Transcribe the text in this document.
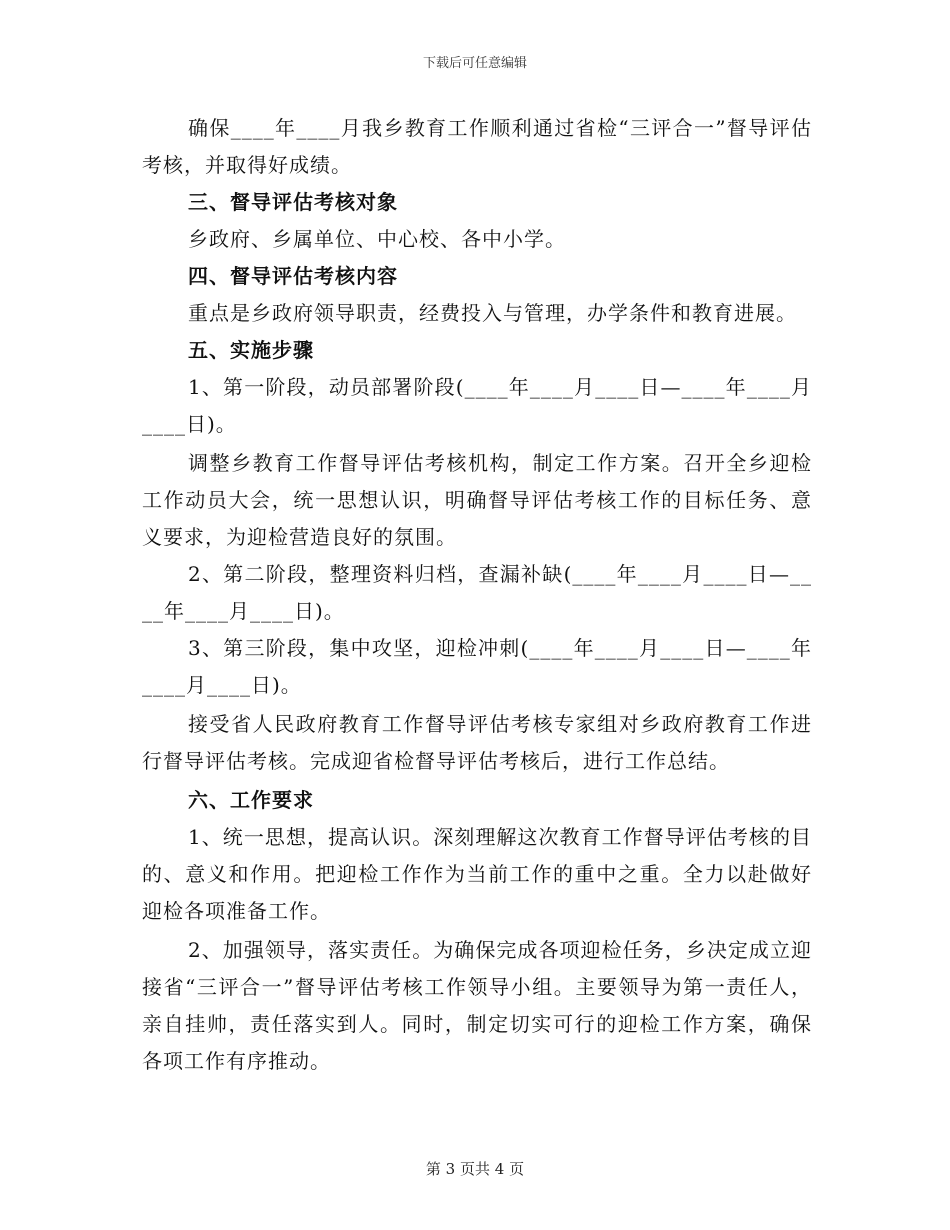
下载后可任意编辑

确保____年____月我乡教育工作顺利通过省检“三评合一”督导评估考核，并取得好成绩。

三、督导评估考核对象

乡政府、乡属单位、中心校、各中小学。

四、督导评估考核内容

重点是乡政府领导职责，经费投入与管理，办学条件和教育进展。

五、实施步骤

1、第一阶段，动员部署阶段(____年____月____日—____年____月____日)。

调整乡教育工作督导评估考核机构，制定工作方案。召开全乡迎检工作动员大会，统一思想认识，明确督导评估考核工作的目标任务、意义要求，为迎检营造良好的氛围。

2、第二阶段，整理资料归档，查漏补缺(____年____月____日—____年____月____日)。

3、第三阶段，集中攻坚，迎检冲刺(____年____月____日—____年____月____日)。

接受省人民政府教育工作督导评估考核专家组对乡政府教育工作进行督导评估考核。完成迎省检督导评估考核后，进行工作总结。

六、工作要求

1、统一思想，提高认识。深刻理解这次教育工作督导评估考核的目的、意义和作用。把迎检工作作为当前工作的重中之重。全力以赴做好迎检各项准备工作。

2、加强领导，落实责任。为确保完成各项迎检任务，乡决定成立迎接省“三评合一”督导评估考核工作领导小组。主要领导为第一责任人，亲自挂帅，责任落实到人。同时，制定切实可行的迎检工作方案，确保各项工作有序推动。

第 3 页共 4 页
